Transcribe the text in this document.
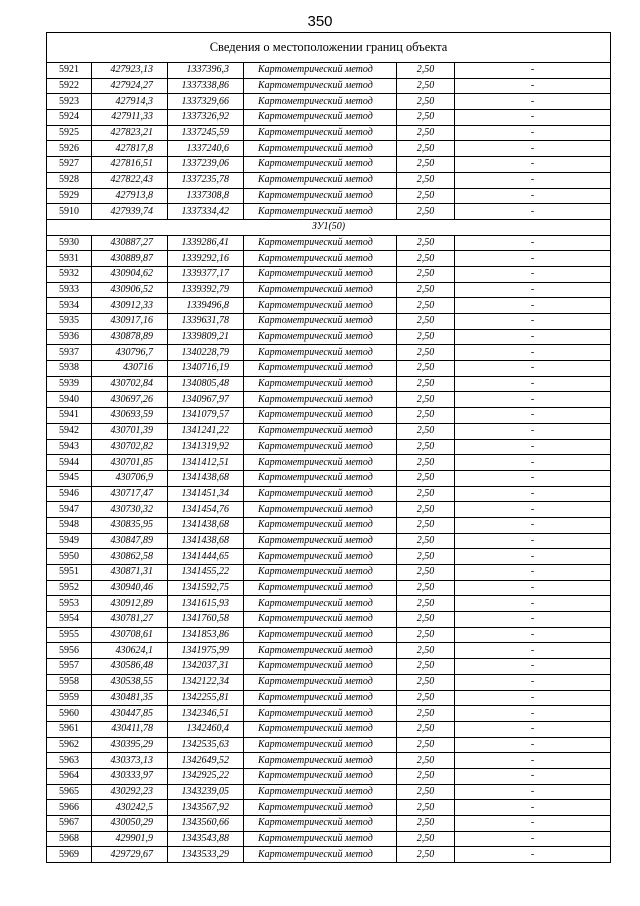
350
Сведения о местоположении границ объекта					
5921	427923,13	1337396,3	Картометрический метод	2,50	-
5922	427924,27	1337338,86	Картометрический метод	2,50	-
5923	427914,3	1337329,66	Картометрический метод	2,50	-
5924	427911,33	1337326,92	Картометрический метод	2,50	-
5925	427823,21	1337245,59	Картометрический метод	2,50	-
5926	427817,8	1337240,6	Картометрический метод	2,50	-
5927	427816,51	1337239,06	Картометрический метод	2,50	-
5928	427822,43	1337235,78	Картометрический метод	2,50	-
5929	427913,8	1337308,8	Картометрический метод	2,50	-
5910	427939,74	1337334,42	Картометрический метод	2,50	-
ЗУ1(50)					
5930	430887,27	1339286,41	Картометрический метод	2,50	-
5931	430889,87	1339292,16	Картометрический метод	2,50	-
5932	430904,62	1339377,17	Картометрический метод	2,50	-
5933	430906,52	1339392,79	Картометрический метод	2,50	-
5934	430912,33	1339496,8	Картометрический метод	2,50	-
5935	430917,16	1339631,78	Картометрический метод	2,50	-
5936	430878,89	1339809,21	Картометрический метод	2,50	-
5937	430796,7	1340228,79	Картометрический метод	2,50	-
5938	430716	1340716,19	Картометрический метод	2,50	-
5939	430702,84	1340805,48	Картометрический метод	2,50	-
5940	430697,26	1340967,97	Картометрический метод	2,50	-
5941	430693,59	1341079,57	Картометрический метод	2,50	-
5942	430701,39	1341241,22	Картометрический метод	2,50	-
5943	430702,82	1341319,92	Картометрический метод	2,50	-
5944	430701,85	1341412,51	Картометрический метод	2,50	-
5945	430706,9	1341438,68	Картометрический метод	2,50	-
5946	430717,47	1341451,34	Картометрический метод	2,50	-
5947	430730,32	1341454,76	Картометрический метод	2,50	-
5948	430835,95	1341438,68	Картометрический метод	2,50	-
5949	430847,89	1341438,68	Картометрический метод	2,50	-
5950	430862,58	1341444,65	Картометрический метод	2,50	-
5951	430871,31	1341455,22	Картометрический метод	2,50	-
5952	430940,46	1341592,75	Картометрический метод	2,50	-
5953	430912,89	1341615,93	Картометрический метод	2,50	-
5954	430781,27	1341760,58	Картометрический метод	2,50	-
5955	430708,61	1341853,86	Картометрический метод	2,50	-
5956	430624,1	1341975,99	Картометрический метод	2,50	-
5957	430586,48	1342037,31	Картометрический метод	2,50	-
5958	430538,55	1342122,34	Картометрический метод	2,50	-
5959	430481,35	1342255,81	Картометрический метод	2,50	-
5960	430447,85	1342346,51	Картометрический метод	2,50	-
5961	430411,78	1342460,4	Картометрический метод	2,50	-
5962	430395,29	1342535,63	Картометрический метод	2,50	-
5963	430373,13	1342649,52	Картометрический метод	2,50	-
5964	430333,97	1342925,22	Картометрический метод	2,50	-
5965	430292,23	1343239,05	Картометрический метод	2,50	-
5966	430242,5	1343567,92	Картометрический метод	2,50	-
5967	430050,29	1343560,66	Картометрический метод	2,50	-
5968	429901,9	1343543,88	Картометрический метод	2,50	-
5969	429729,67	1343533,29	Картометрический метод	2,50	-
